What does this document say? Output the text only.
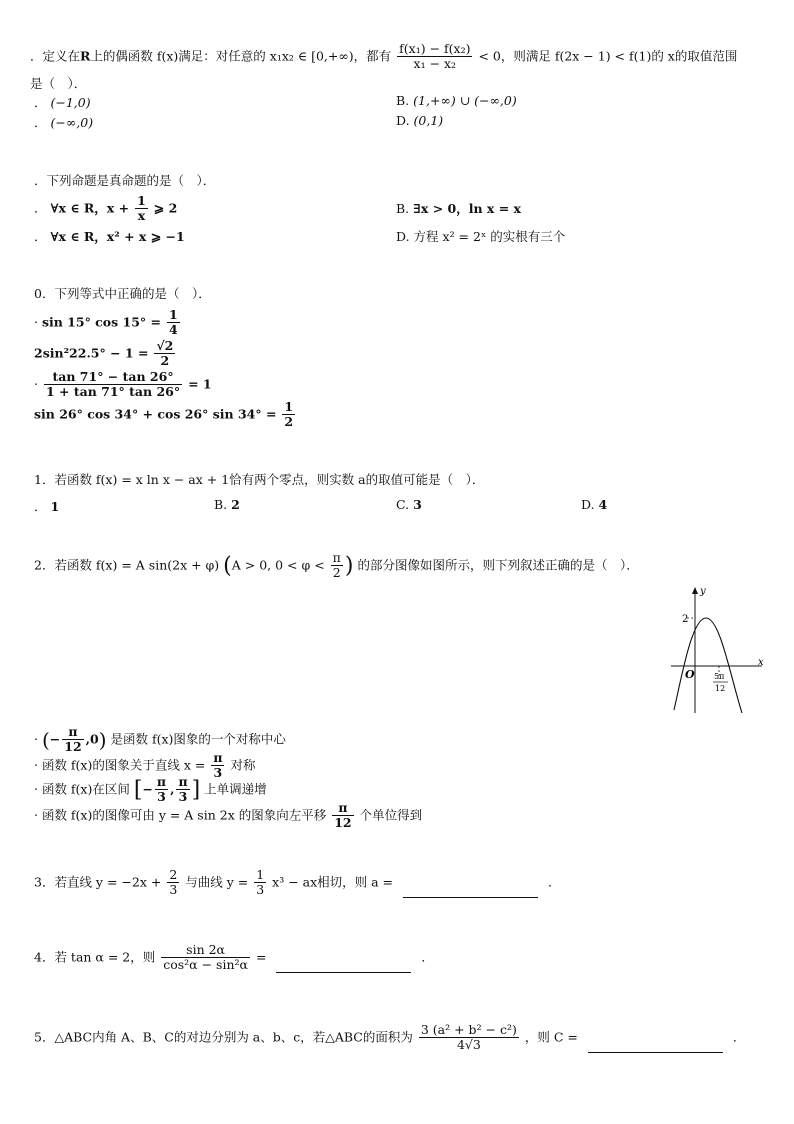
．定义在R上的偶函数 f(x)满足：对任意的 x₁x₂ ∈ [0,+∞)，都有 $\frac{\text{f(x₁) − f(x₂)}}{\text{x₁ − x₂}} < 0$，则满足 f(2x − 1) < f(1)的 x的取值范围
是（　）．
． (−1,0)	B. (1,+∞) ∪ (−∞,0)
． (−∞,0)	D. (0,1)
．下列命题是真命题的是（　）．
． ∀x ∈ R，$x + \frac{1}{x}$ ⩾ 2	B. ∃x > 0，ln x = x
． ∀x ∈ R，x² + x ⩾ −1	D. 方程 x² = 2ˣ 的实根有三个
0．下列等式中正确的是（　）．
· sin 15° $\cos 15^\circ = \frac{1}{4}$
$2\sin^222.5^\circ - 1 = \frac{√2}{2}$
· $\frac{\tan 71^\circ - \tan 26^\circ}{1 + \tan 71^\circ \tan 26^\circ} = 1$
sin 26° cos 34° + cos 26° $\sin 34^\circ = \frac{1}{2}$
1．若函数 f(x) = x ln x − ax + 1恰有两个零点，则实数 a的取值可能是（　）．
． 1	B. 2	C. 3	D. 4
2．若函数 f(x) = A sin(2x + φ) (A > 0, $0 < \varphi < \frac{\pi}{2}$ ) 的部分图像如图所示，则下列叙述正确的是（　）．
y
x
2
O 5π
12
· (− $\frac{\pi}{12} ,0$) 是函数 f(x)图象的一个对称中心
· 函数 f(x)的图象关于直线 $x = \frac{\pi}{3}$ 对称
· 函数 f(x)在区间 [− $\frac{\pi}{3}$ , $\frac{\pi}{3}$ ] 上单调递增
· 函数 f(x)的图像可由 y = A sin 2x 的图象向左平移 $\frac{\pi}{12}$ 个单位得到
3．若直线 $y = -2x + \frac{2}{3}$ 与曲线 $y = \frac{1}{3} x^3$ − ax相切，则 a =	．
4．若 tan α = 2，则 $\frac{\sin 2\alpha}{\text{cos²α − sin²α}}$ =	．
5．△ABC内角 A、B、C的对边分别为 a、b、c，若△ABC的面积为 $\frac{\text{3 (a² + b² − c²)}}{4√3}$ ，则 C =	．
